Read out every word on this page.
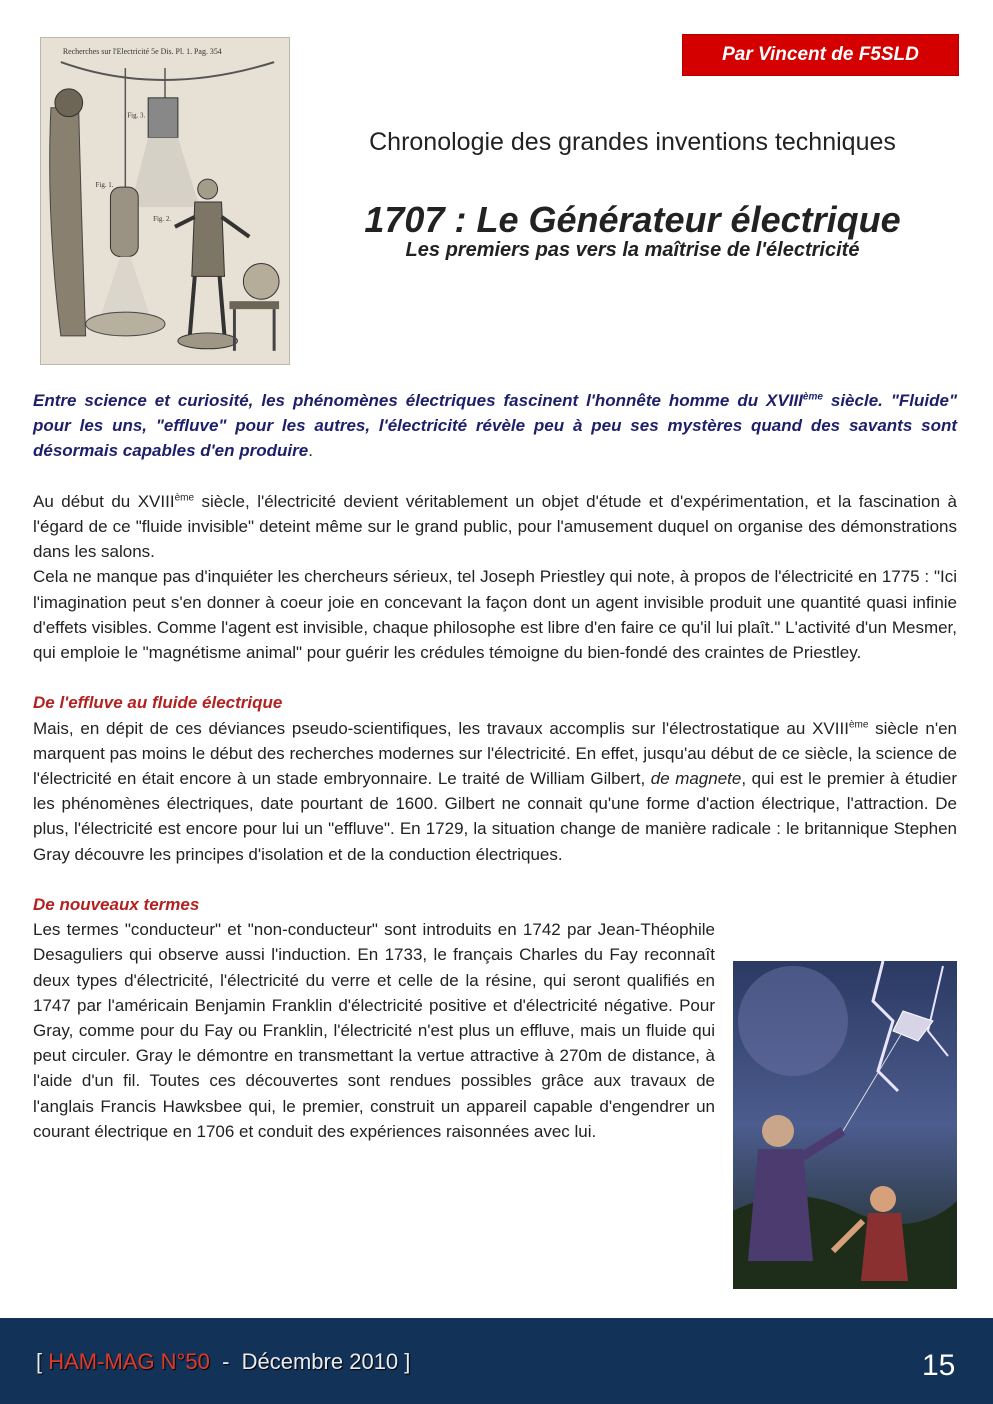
Recherches sur l'Electricité 5e Dis. Pl. 1. Pag. 354
Fig. 3.
Fig. 1.
Fig. 2.
Par Vincent de F5SLD
Chronologie des grandes inventions techniques
1707 : Le Générateur électrique
Les premiers pas vers la maîtrise de l'électricité

Entre science et curiosité, les phénomènes électriques fascinent l'honnête homme du XVIIIème siècle. "Fluide" pour les uns, "effluve" pour les autres, l'électricité révèle peu à peu ses mystères quand des savants sont désormais capables d'en produire.

Au début du XVIIIème siècle, l'électricité devient véritablement un objet d'étude et d'expérimentation, et la fascination à l'égard de ce "fluide invisible" deteint même sur le grand public, pour l'amusement duquel on organise des démonstrations dans les salons.

Cela ne manque pas d'inquiéter les chercheurs sérieux, tel Joseph Priestley qui note, à propos de l'électricité en 1775 : "Ici l'imagination peut s'en donner à coeur joie en concevant la façon dont un agent invisible produit une quantité quasi infinie d'effets visibles. Comme l'agent est invisible, chaque philosophe est libre d'en faire ce qu'il lui plaît." L'activité d'un Mesmer, qui emploie le "magnétisme animal" pour guérir les crédules témoigne du bien-fondé des craintes de Priestley.

De l'effluve au fluide électrique

Mais, en dépit de ces déviances pseudo-scientifiques, les travaux accomplis sur l'électrostatique au XVIIIème siècle n'en marquent pas moins le début des recherches modernes sur l'électricité. En effet, jusqu'au début de ce siècle, la science de l'électricité en était encore à un stade embryonnaire. Le traité de William Gilbert, de magnete, qui est le premier à étudier les phénomènes électriques, date pourtant de 1600. Gilbert ne connait qu'une forme d'action électrique, l'attraction. De plus, l'électricité est encore pour lui un "effluve". En 1729, la situation change de manière radicale : le britannique Stephen Gray découvre les principes d'isolation et de la conduction électriques.

De nouveaux termes

Les termes "conducteur" et "non-conducteur" sont introduits en 1742 par Jean-Théophile Desaguliers qui observe aussi l'induction. En 1733, le français Charles du Fay reconnaît deux types d'électricité, l'électricité du verre et celle de la résine, qui seront qualifiés en 1747 par l'américain Benjamin Franklin d'électricité positive et d'électricité négative. Pour Gray, comme pour du Fay ou Franklin, l'électricité n'est plus un effluve, mais un fluide qui peut circuler. Gray le démontre en transmettant la vertue attractive à 270m de distance, à l'aide d'un fil. Toutes ces découvertes sont rendues possibles grâce aux travaux de l'anglais Francis Hawksbee qui, le premier, construit un appareil capable d'engendrer un courant électrique en 1706 et conduit des expériences raisonnées avec lui.

[ HAM-MAG N°50  -  Décembre 2010 ]	15
